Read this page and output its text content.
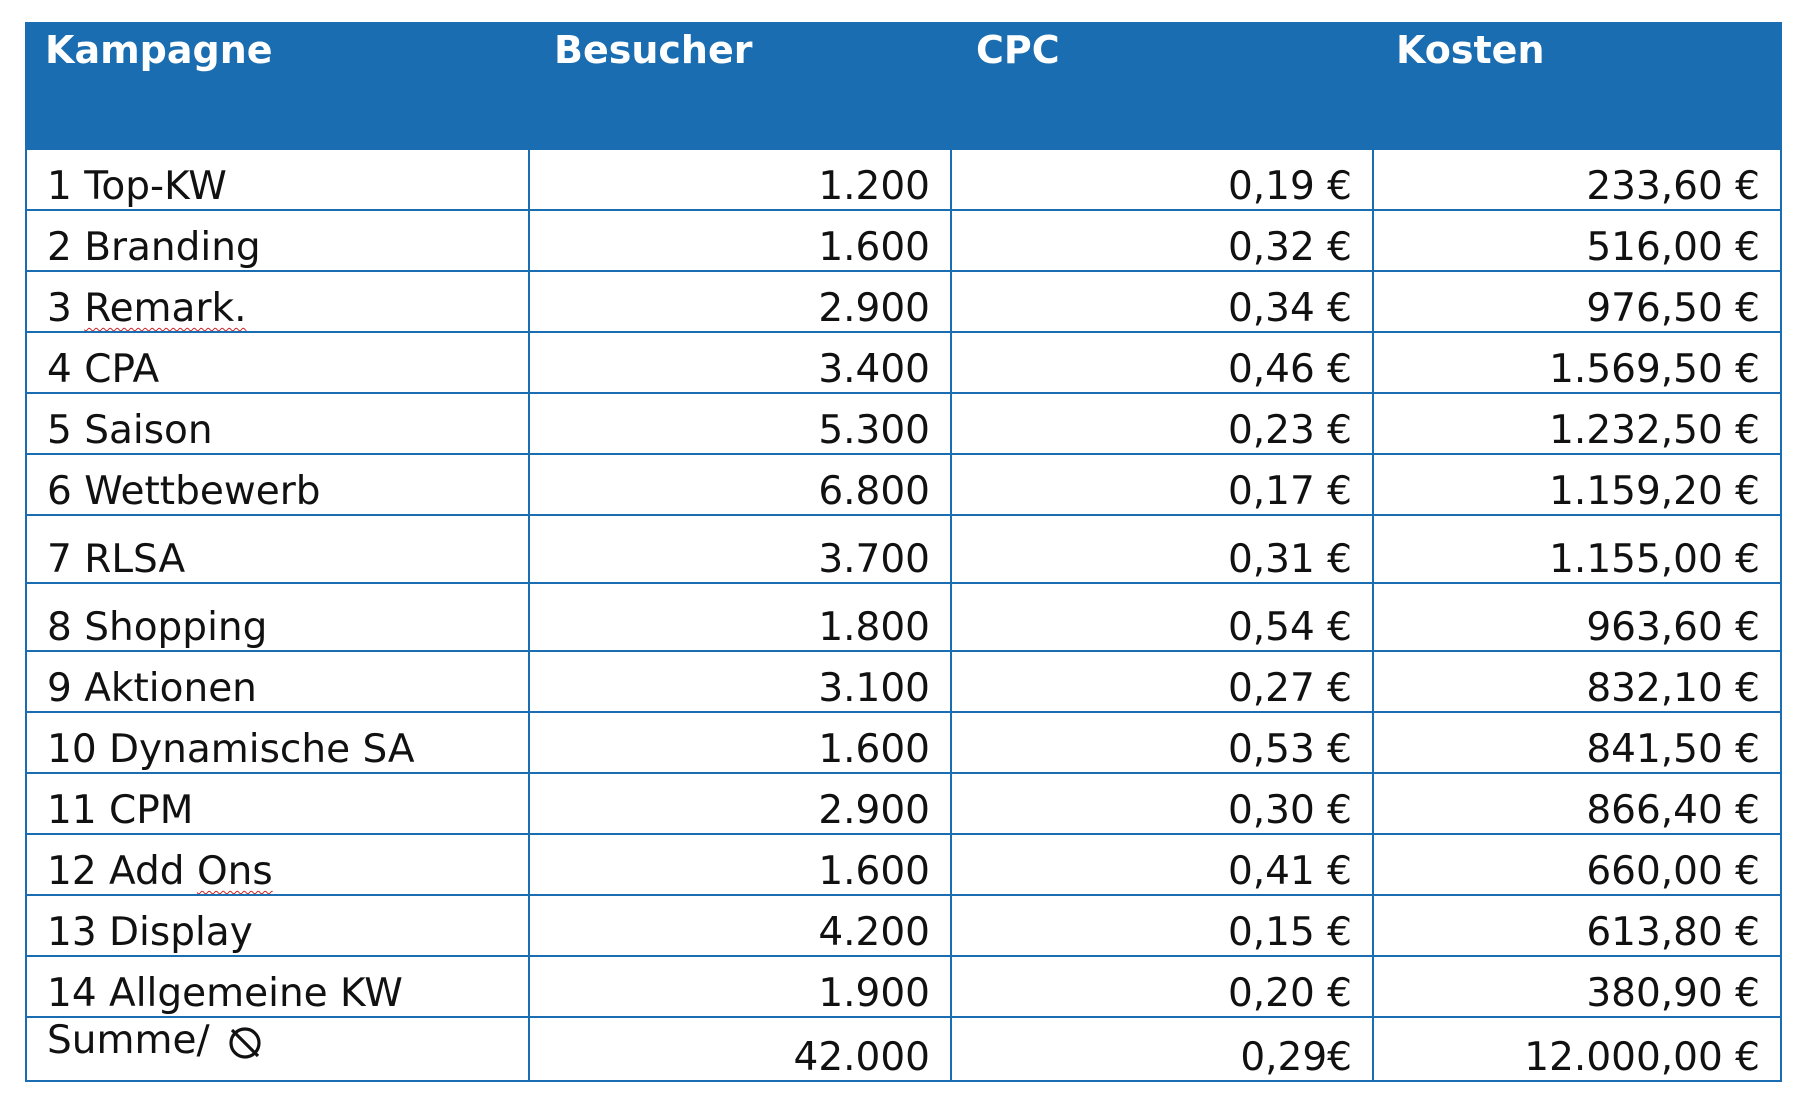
Kampagne	Besucher	CPC	Kosten
1 Top-KW	1.200	0,19 €	233,60 €
2 Branding	1.600	0,32 €	516,00 €
3 Remark.	2.900	0,34 €	976,50 €
4 CPA	3.400	0,46 €	1.569,50 €
5 Saison	5.300	0,23 €	1.232,50 €
6 Wettbewerb	6.800	0,17 €	1.159,20 €
7 RLSA	3.700	0,31 €	1.155,00 €
8 Shopping	1.800	0,54 €	963,60 €
9 Aktionen	3.100	0,27 €	832,10 €
10 Dynamische SA	1.600	0,53 €	841,50 €
11 CPM	2.900	0,30 €	866,40 €
12 Add Ons	1.600	0,41 €	660,00 €
13 Display	4.200	0,15 €	613,80 €
14 Allgemeine KW	1.900	0,20 €	380,90 €
Summe/	42.000	0,29€	12.000,00 €
